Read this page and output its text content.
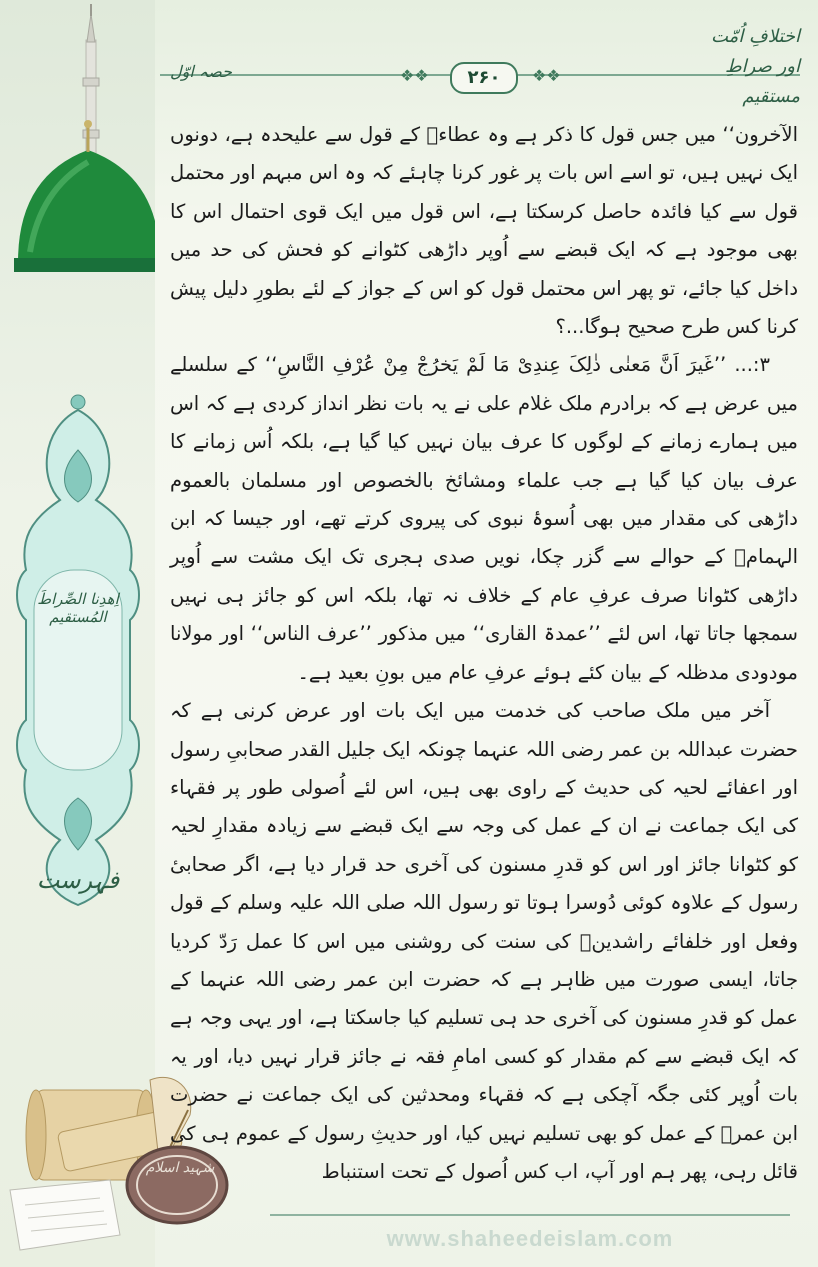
اِھدِنا الصِّراطَ المُستقیم
فہرست
شہید اسلام
❖❖	❖❖
۲۶۰
حصہ اوّل
اختلافِ اُمّت اور صراطِ مستقیم

الآخرون‘‘ میں جس قول کا ذکر ہے وہ عطاءؒ کے قول سے علیحدہ ہے، دونوں ایک نہیں ہیں، تو اسے اس بات پر غور کرنا چاہئے کہ وہ اس مبہم اور محتمل قول سے کیا فائدہ حاصل کرسکتا ہے، اس قول میں ایک قوی احتمال اس کا بھی موجود ہے کہ ایک قبضے سے اُوپر داڑھی کٹوانے کو فحش کی حد میں داخل کیا جائے، تو پھر اس محتمل قول کو اس کے جواز کے لئے بطورِ دلیل پیش کرنا کس طرح صحیح ہوگا...؟

۳:... ’’غَیرَ اَنَّ مَعنٰی ذٰلِکَ عِندِیْ مَا لَمْ یَخرُجْ مِنْ عُرْفِ النَّاسِ‘‘ کے سلسلے میں عرض ہے کہ برادرم ملک غلام علی نے یہ بات نظر انداز کردی ہے کہ اس میں ہمارے زمانے کے لوگوں کا عرف بیان نہیں کیا گیا ہے، بلکہ اُس زمانے کا عرف بیان کیا گیا ہے جب علماء ومشائخ بالخصوص اور مسلمان بالعموم داڑھی کی مقدار میں بھی اُسوۂ نبوی کی پیروی کرتے تھے، اور جیسا کہ ابن الہمامؒ کے حوالے سے گزر چکا، نویں صدی ہجری تک ایک مشت سے اُوپر داڑھی کٹوانا صرف عرفِ عام کے خلاف نہ تھا، بلکہ اس کو جائز ہی نہیں سمجھا جاتا تھا، اس لئے ’’عمدۃ القاری‘‘ میں مذکور ’’عرف الناس‘‘ اور مولانا مودودی مدظلہ کے بیان کئے ہوئے عرفِ عام میں بونِ بعید ہے۔

آخر میں ملک صاحب کی خدمت میں ایک بات اور عرض کرنی ہے کہ حضرت عبداللہ بن عمر رضی اللہ عنہما چونکہ ایک جلیل القدر صحابیِ رسول اور اعفائے لحیہ کی حدیث کے راوی بھی ہیں، اس لئے اُصولی طور پر فقہاء کی ایک جماعت نے ان کے عمل کی وجہ سے ایک قبضے سے زیادہ مقدارِ لحیہ کو کٹوانا جائز اور اس کو قدرِ مسنون کی آخری حد قرار دیا ہے، اگر صحابیٔ رسول کے علاوہ کوئی دُوسرا ہوتا تو رسول اللہ صلی اللہ علیہ وسلم کے قول وفعل اور خلفائے راشدینؓ کی سنت کی روشنی میں اس کا عمل رَدّ کردیا جاتا، ایسی صورت میں ظاہر ہے کہ حضرت ابن عمر رضی اللہ عنہما کے عمل کو قدرِ مسنون کی آخری حد ہی تسلیم کیا جاسکتا ہے، اور یہی وجہ ہے کہ ایک قبضے سے کم مقدار کو کسی امامِ فقہ نے جائز قرار نہیں دیا، اور یہ بات اُوپر کئی جگہ آچکی ہے کہ فقہاء ومحدثین کی ایک جماعت نے حضرت ابن عمرؓ کے عمل کو بھی تسلیم نہیں کیا، اور حدیثِ رسول کے عموم ہی کی قائل رہی، پھر ہم اور آپ، اب کس اُصول کے تحت استنباط

www.shaheedeislam.com
